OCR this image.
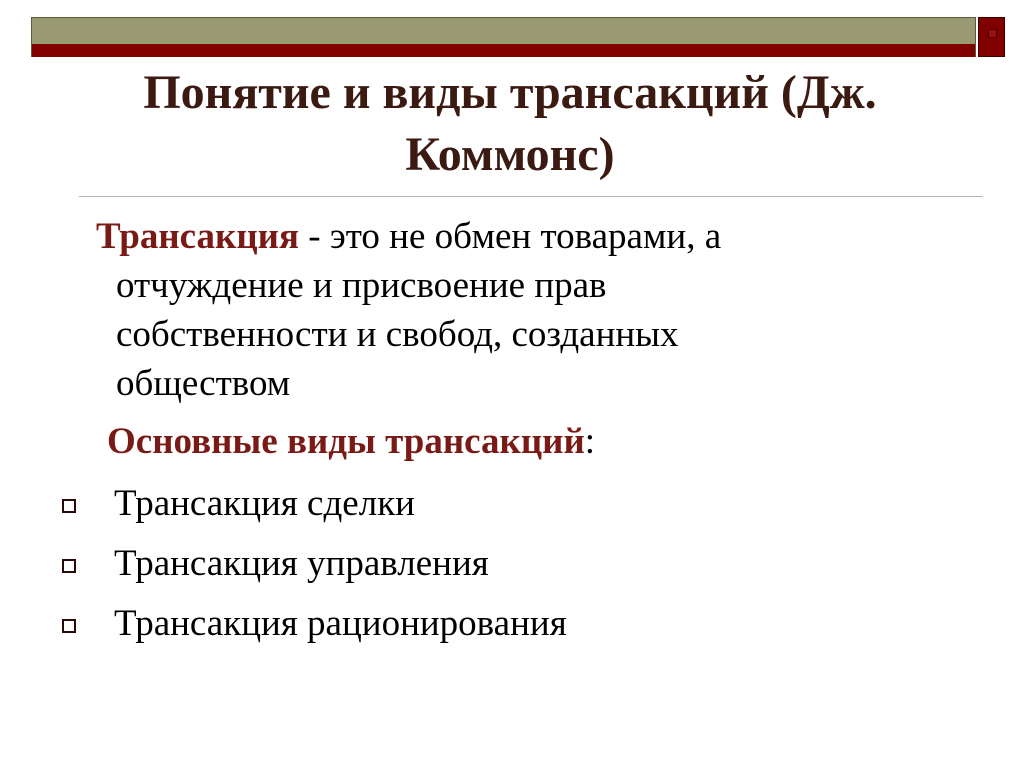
Понятие и виды трансакций (Дж.
Коммонс)

Трансакция - это не обмен товарами, а
отчуждение и присвоение прав
собственности и свобод, созданных
обществом

Основные виды трансакций:

Трансакция сделки
Трансакция управления
Трансакция рационирования
